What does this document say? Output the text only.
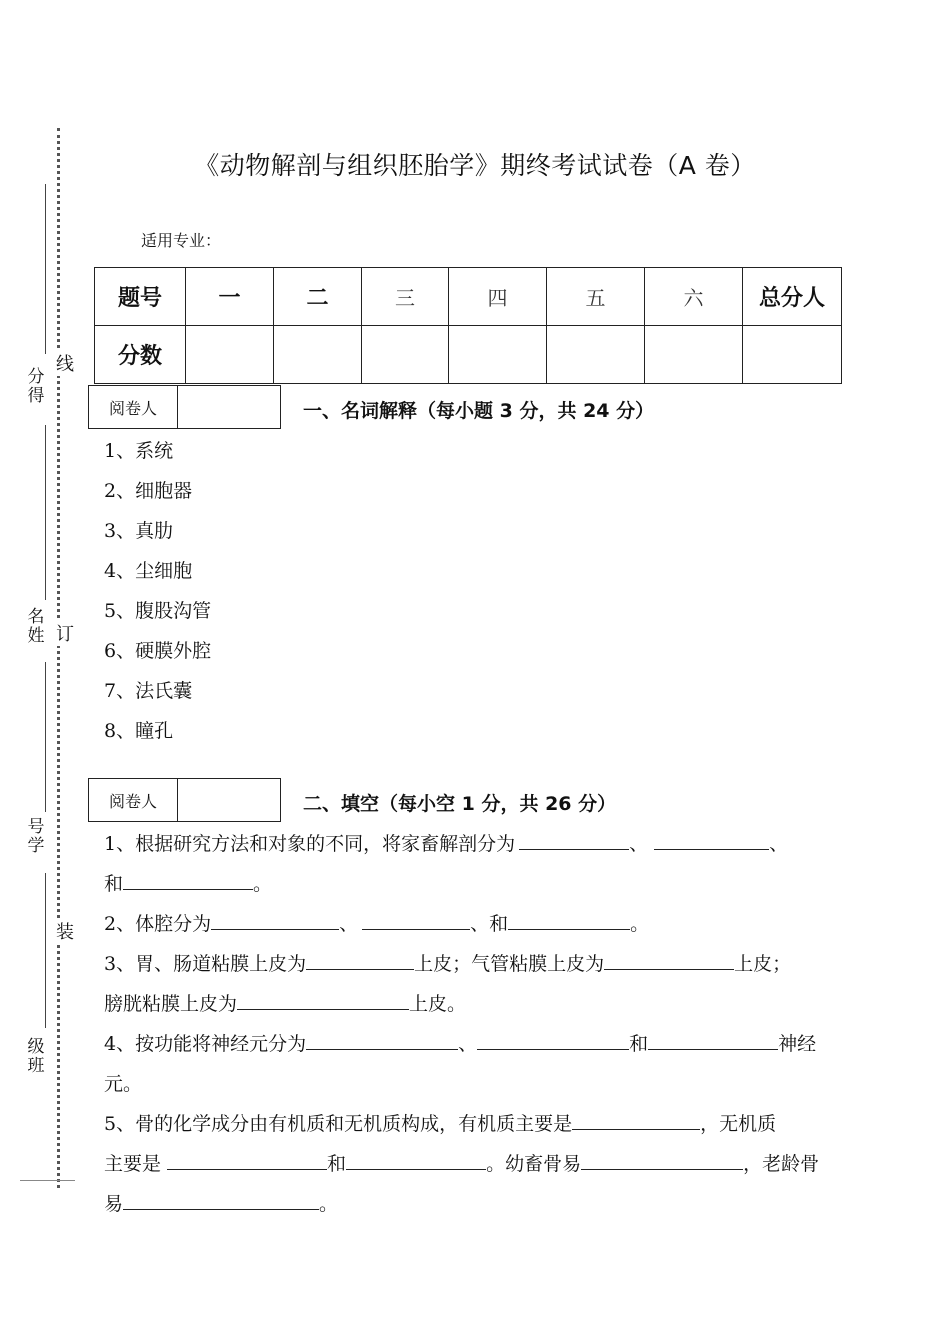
分得
名姓
号学
级班
线
订
装
《动物解剖与组织胚胎学》期终考试试卷（A 卷）
适用专业：
题号	一	二	三	四	五	六	总分人
分数							
阅卷人	一、名词解释（每小题 3 分，共 24 分）
1、系统
2、细胞器
3、真肋
4、尘细胞
5、腹股沟管
6、硬膜外腔
7、法氏囊
8、瞳孔
阅卷人	二、填空（每小空 1 分，共 26 分）
1、根据研究方法和对象的不同，将家畜解剖分为	、	、
和	。
2、体腔分为	、	、和	。
3、胃、肠道粘膜上皮为	上皮；气管粘膜上皮为	上皮；
膀胱粘膜上皮为	上皮。
4、按功能将神经元分为	、	和	神经
元。
5、骨的化学成分由有机质和无机质构成，有机质主要是	，无机质
主要是	和	。幼畜骨易	，老龄骨
易	。
